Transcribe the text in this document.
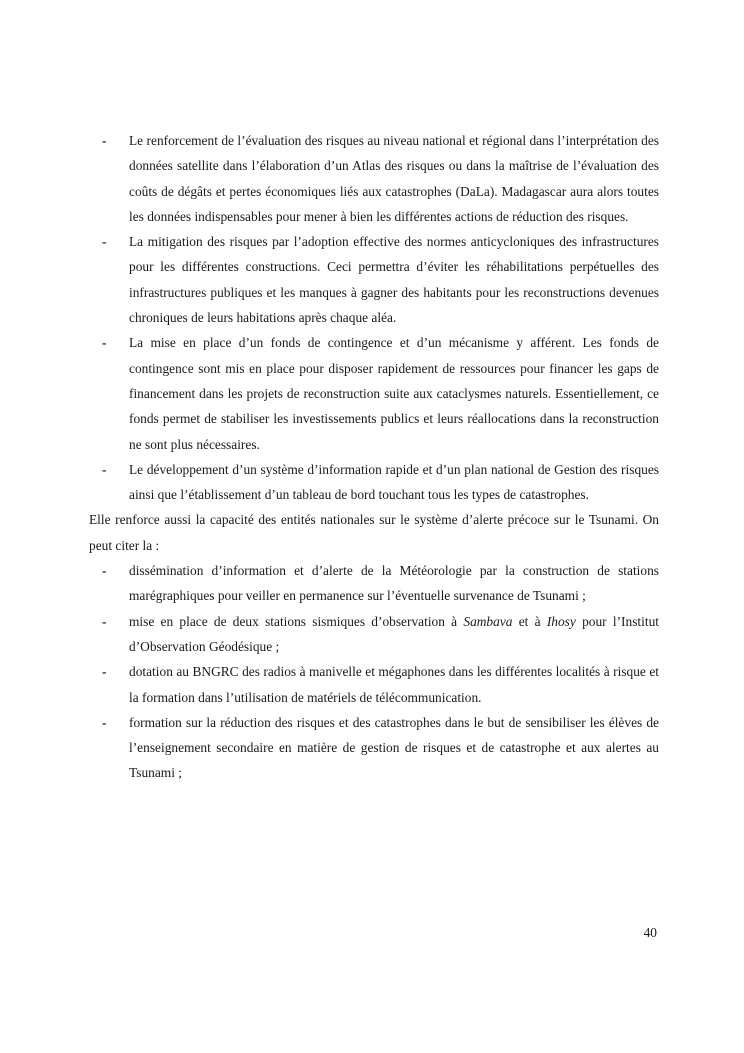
- Le renforcement de l’évaluation des risques au niveau national et régional dans l’interprétation des données satellite dans l’élaboration d’un Atlas des risques ou dans la maîtrise de l’évaluation des coûts de dégâts et pertes économiques liés aux catastrophes (DaLa). Madagascar aura alors toutes les données indispensables pour mener à bien les différentes actions de réduction des risques.
- La mitigation des risques par l’adoption effective des normes anticycloniques des infrastructures pour les différentes constructions. Ceci permettra d’éviter les réhabilitations perpétuelles des infrastructures publiques et les manques à gagner des habitants pour les reconstructions devenues chroniques de leurs habitations après chaque aléa.
- La mise en place d’un fonds de contingence et d’un mécanisme y afférent. Les fonds de contingence sont mis en place pour disposer rapidement de ressources pour financer les gaps de financement dans les projets de reconstruction suite aux cataclysmes naturels. Essentiellement, ce fonds permet de stabiliser les investissements publics et leurs réallocations dans la reconstruction ne sont plus nécessaires.
- Le développement d’un système d’information rapide et d’un plan national de Gestion des risques ainsi que l’établissement d’un tableau de bord touchant tous les types de catastrophes.

Elle renforce aussi la capacité des entités nationales sur le système d’alerte précoce sur le Tsunami. On peut citer la :

- dissémination d’information et d’alerte de la Météorologie par la construction de stations marégraphiques pour veiller en permanence sur l’éventuelle survenance de Tsunami ;
- mise en place de deux stations sismiques d’observation à Sambava et à Ihosy pour l’Institut d’Observation Géodésique ;
- dotation au BNGRC des radios à manivelle et mégaphones dans les différentes localités à risque et la formation dans l’utilisation de matériels de télécommunication.
- formation sur la réduction des risques et des catastrophes dans le but de sensibiliser les élèves de l’enseignement secondaire en matière de gestion de risques et de catastrophe et aux alertes au Tsunami ;
40
